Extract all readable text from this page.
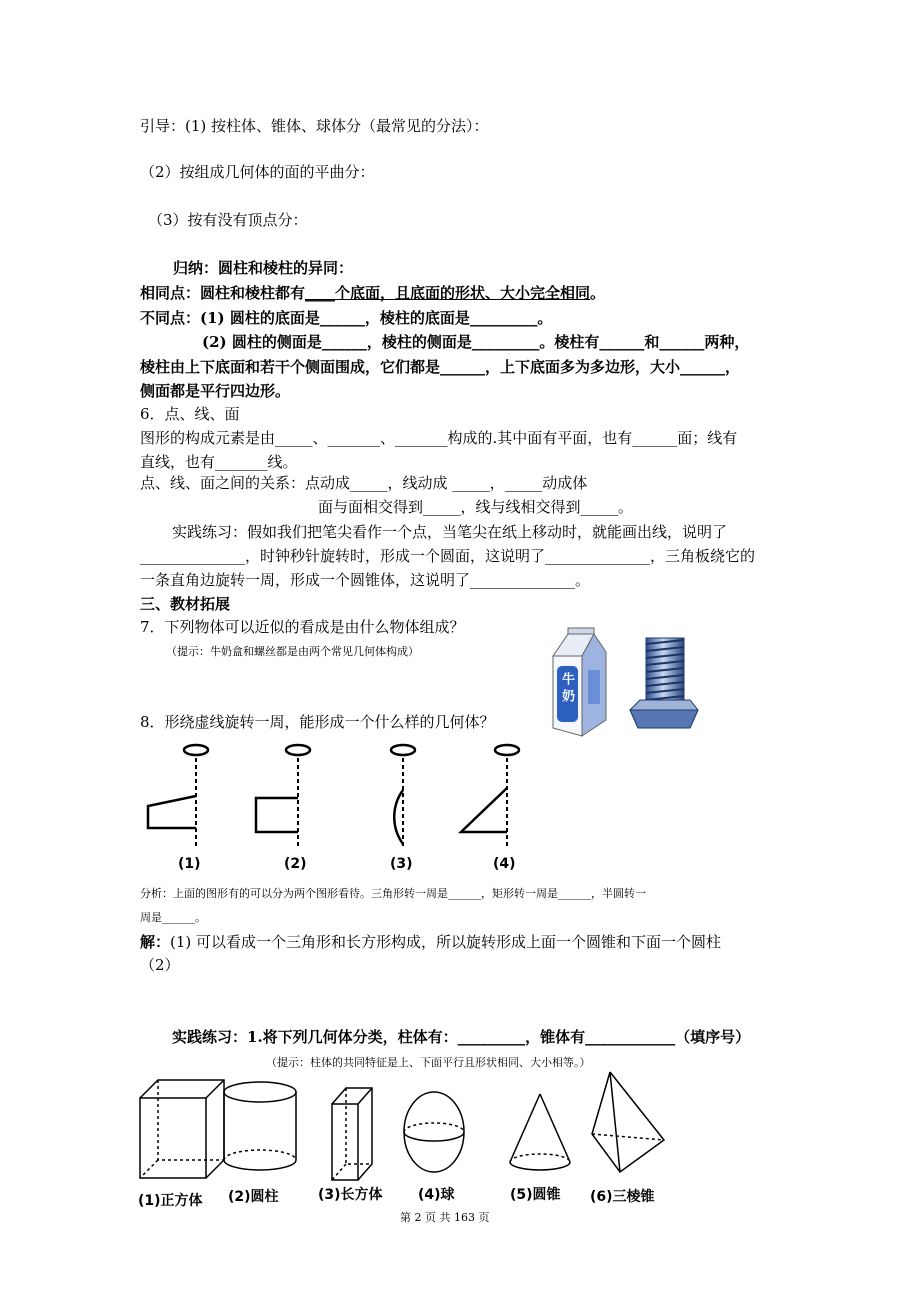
引导：(1) 按柱体、锥体、球体分（最常见的分法）：
（2）按组成几何体的面的平曲分：
（3）按有没有顶点分：
归纳：圆柱和棱柱的异同：
相同点：圆柱和棱柱都有____个底面，且底面的形状、大小完全相同。
不同点：(1) 圆柱的底面是______，棱柱的底面是_________。
(2) 圆柱的侧面是______，棱柱的侧面是_________。棱柱有______和______两种，
棱柱由上下底面和若干个侧面围成，它们都是______，上下底面多为多边形，大小______，
侧面都是平行四边形。
6．点、线、面
图形的构成元素是由_____、_______、_______构成的.其中面有平面，也有______面；线有
直线，也有_______线。
点、线、面之间的关系：点动成_____，线动成 _____，_____动成体
面与面相交得到_____，线与线相交得到_____。
实践练习：假如我们把笔尖看作一个点，当笔尖在纸上移动时，就能画出线，说明了
______________，时钟秒针旋转时，形成一个圆面，这说明了______________，三角板绕它的
一条直角边旋转一周，形成一个圆锥体，这说明了______________。
三、教材拓展
7．下列物体可以近似的看成是由什么物体组成？
（提示：牛奶盒和螺丝都是由两个常见几何体构成）
8．形绕虚线旋转一周，能形成一个什么样的几何体？
牛奶
(1)	(2)	(3)	(4)
分析：上面的图形有的可以分为两个图形看待。三角形转一周是______，矩形转一周是______，半圆转一
周是______。
解：(1) 可以看成一个三角形和长方形构成，所以旋转形成上面一个圆锥和下面一个圆柱
（2）
实践练习：1.将下列几何体分类，柱体有：_________，锥体有____________（填序号）
（提示：柱体的共同特征是上、下面平行且形状相同、大小相等。）
(1)正方体 (2)圆柱	(3)长方体	(4)球	(5)圆锥 (6)三棱锥
第 2 页 共 163 页
